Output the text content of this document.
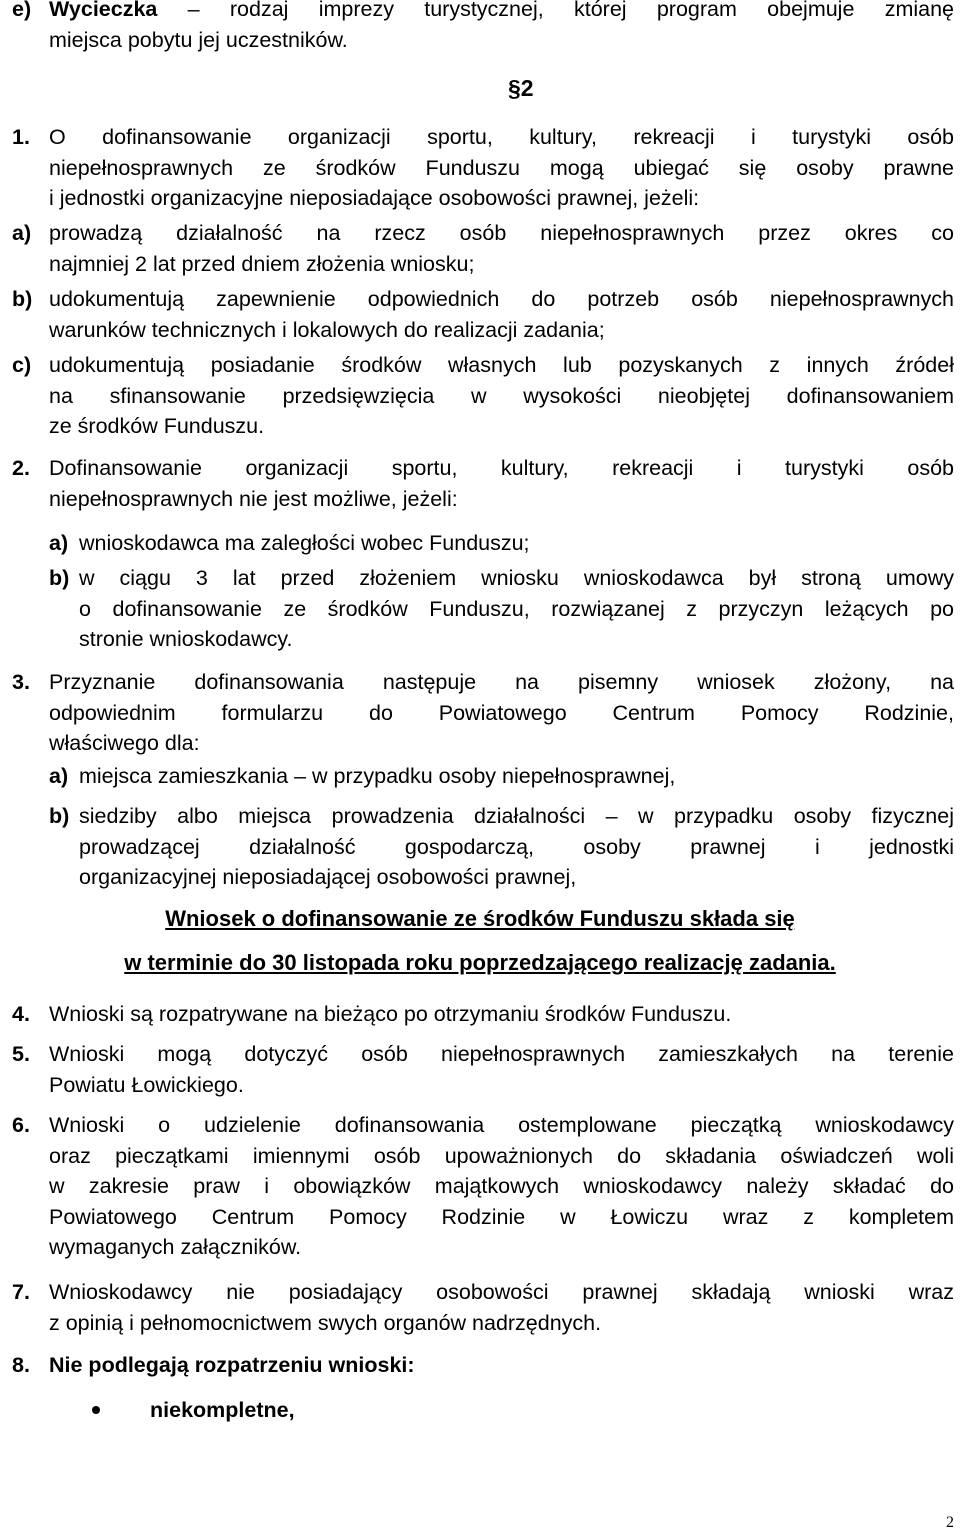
e) Wycieczka – rodzaj imprezy turystycznej, której program obejmuje zmianę
miejsca pobytu jej uczestników.
§2
1. O dofinansowanie organizacji sportu, kultury, rekreacji i turystyki osób
niepełnosprawnych ze środków Funduszu mogą ubiegać się osoby prawne
i jednostki organizacyjne nieposiadające osobowości prawnej, jeżeli:
a) prowadzą działalność na rzecz osób niepełnosprawnych przez okres co
najmniej 2 lat przed dniem złożenia wniosku;
b) udokumentują zapewnienie odpowiednich do potrzeb osób niepełnosprawnych
warunków technicznych i lokalowych do realizacji zadania;
c) udokumentują posiadanie środków własnych lub pozyskanych z innych źródeł
na sfinansowanie przedsięwzięcia w wysokości nieobjętej dofinansowaniem
ze środków Funduszu.
2. Dofinansowanie organizacji sportu, kultury, rekreacji i turystyki osób
niepełnosprawnych nie jest możliwe, jeżeli:
a) wnioskodawca ma zaległości wobec Funduszu;
b) w ciągu 3 lat przed złożeniem wniosku wnioskodawca był stroną umowy
o dofinansowanie ze środków Funduszu, rozwiązanej z przyczyn leżących po
stronie wnioskodawcy.
3. Przyznanie dofinansowania następuje na pisemny wniosek złożony, na
odpowiednim formularzu do Powiatowego Centrum Pomocy Rodzinie,
właściwego dla:
a) miejsca zamieszkania – w przypadku osoby niepełnosprawnej,
b) siedziby albo miejsca prowadzenia działalności – w przypadku osoby fizycznej
prowadzącej działalność gospodarczą, osoby prawnej i jednostki
organizacyjnej nieposiadającej osobowości prawnej,
Wniosek o dofinansowanie ze środków Funduszu składa się
w terminie do 30 listopada roku poprzedzającego realizację zadania.
4. Wnioski są rozpatrywane na bieżąco po otrzymaniu środków Funduszu.
5. Wnioski mogą dotyczyć osób niepełnosprawnych zamieszkałych na terenie
Powiatu Łowickiego.
6. Wnioski o udzielenie dofinansowania ostemplowane pieczątką wnioskodawcy
oraz pieczątkami imiennymi osób upoważnionych do składania oświadczeń woli
w zakresie praw i obowiązków majątkowych wnioskodawcy należy składać do
Powiatowego Centrum Pomocy Rodzinie w Łowiczu wraz z kompletem
wymaganych załączników.
7. Wnioskodawcy nie posiadający osobowości prawnej składają wnioski wraz
z opinią i pełnomocnictwem swych organów nadrzędnych.
8. Nie podlegają rozpatrzeniu wnioski:
niekompletne,
2
